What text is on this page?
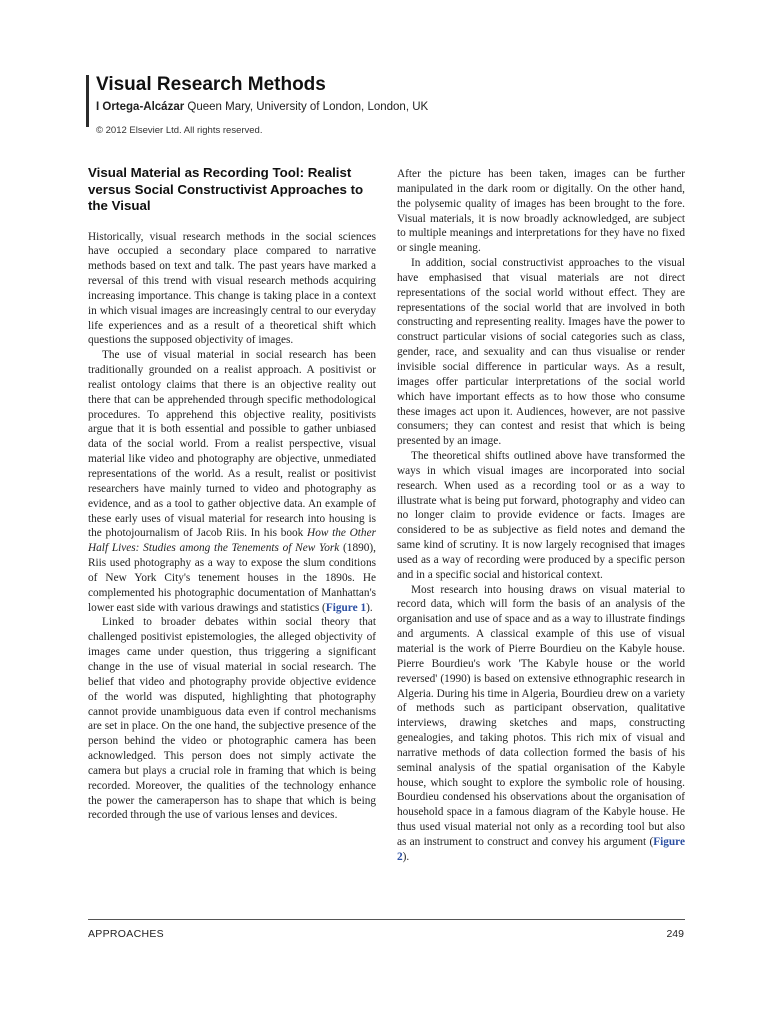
Visual Research Methods
I Ortega-Alcázar Queen Mary, University of London, London, UK
© 2012 Elsevier Ltd. All rights reserved.
Visual Material as Recording Tool: Realist versus Social Constructivist Approaches to the Visual

Historically, visual research methods in the social sciences have occupied a secondary place compared to narrative methods based on text and talk. The past years have marked a reversal of this trend with visual research methods acquiring increasing importance. This change is taking place in a context in which visual images are increasingly central to our everyday life experiences and as a result of a theoretical shift which questions the supposed objectivity of images.

The use of visual material in social research has been traditionally grounded on a realist approach. A positivist or realist ontology claims that there is an objective reality out there that can be apprehended through specific methodological procedures. To apprehend this objective reality, positivists argue that it is both essential and possible to gather unbiased data of the social world. From a realist perspective, visual material like video and photography are objective, unmediated representations of the world. As a result, realist or positivist researchers have mainly turned to video and photography as evidence, and as a tool to gather objective data. An example of these early uses of visual material for research into housing is the photojournalism of Jacob Riis. In his book How the Other Half Lives: Studies among the Tenements of New York (1890), Riis used photography as a way to expose the slum conditions of New York City's tenement houses in the 1890s. He complemented his photographic documentation of Manhattan's lower east side with various drawings and statistics (Figure 1).

Linked to broader debates within social theory that challenged positivist epistemologies, the alleged objectivity of images came under question, thus triggering a significant change in the use of visual material in social research. The belief that video and photography provide objective evidence of the world was disputed, highlighting that photography cannot provide unambiguous data even if control mechanisms are set in place. On the one hand, the subjective presence of the person behind the video or photographic camera has been acknowledged. This person does not simply activate the camera but plays a crucial role in framing that which is being recorded. Moreover, the qualities of the technology enhance the power the cameraperson has to shape that which is being recorded through the use of various lenses and devices.

After the picture has been taken, images can be further manipulated in the dark room or digitally. On the other hand, the polysemic quality of images has been brought to the fore. Visual materials, it is now broadly acknowledged, are subject to multiple meanings and interpretations for they have no fixed or single meaning.

In addition, social constructivist approaches to the visual have emphasised that visual materials are not direct representations of the social world without effect. They are representations of the social world that are involved in both constructing and representing reality. Images have the power to construct particular visions of social categories such as class, gender, race, and sexuality and can thus visualise or render invisible social difference in particular ways. As a result, images offer particular interpretations of the social world which have important effects as to how those who consume these images act upon it. Audiences, however, are not passive consumers; they can contest and resist that which is being presented by an image.

The theoretical shifts outlined above have transformed the ways in which visual images are incorporated into social research. When used as a recording tool or as a way to illustrate what is being put forward, photography and video can no longer claim to provide evidence or facts. Images are considered to be as subjective as field notes and demand the same kind of scrutiny. It is now largely recognised that images used as a way of recording were produced by a specific person and in a specific social and historical context.

Most research into housing draws on visual material to record data, which will form the basis of an analysis of the organisation and use of space and as a way to illustrate findings and arguments. A classical example of this use of visual material is the work of Pierre Bourdieu on the Kabyle house. Pierre Bourdieu's work 'The Kabyle house or the world reversed' (1990) is based on extensive ethnographic research in Algeria. During his time in Algeria, Bourdieu drew on a variety of methods such as participant observation, qualitative interviews, drawing sketches and maps, constructing genealogies, and taking photos. This rich mix of visual and narrative methods of data collection formed the basis of his seminal analysis of the spatial organisation of the Kabyle house, which sought to explore the symbolic role of housing. Bourdieu condensed his observations about the organisation of household space in a famous diagram of the Kabyle house. He thus used visual material not only as a recording tool but also as an instrument to construct and convey his argument (Figure 2).

APPROACHES	249
